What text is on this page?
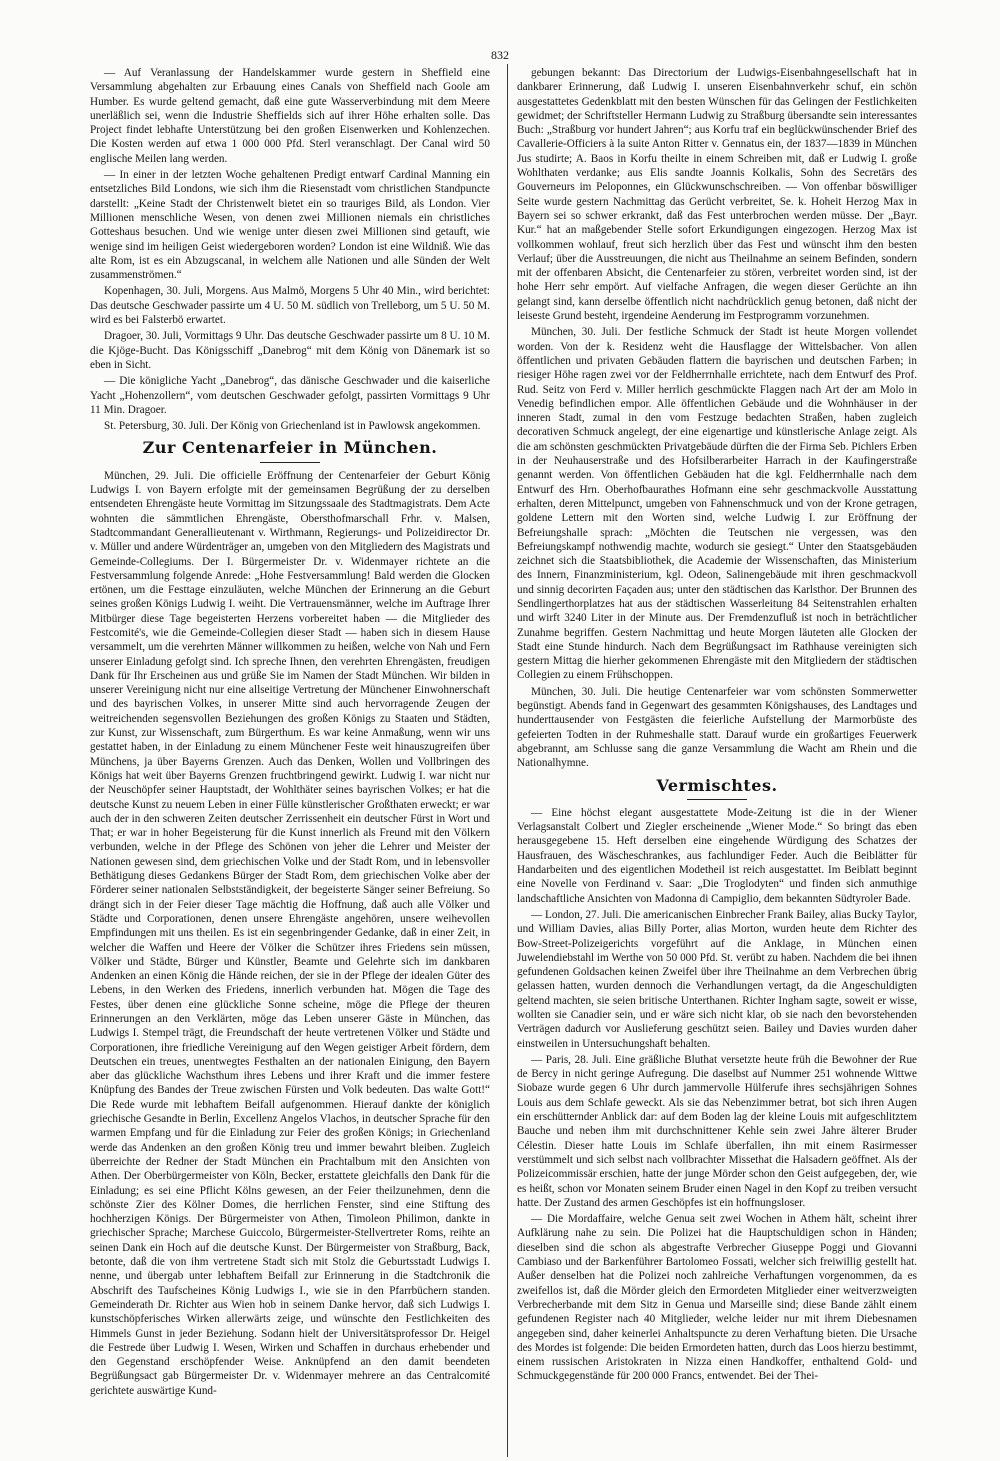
832

— Auf Veranlassung der Handelskammer wurde gestern in Sheffield eine Versammlung abgehalten zur Erbauung eines Canals von Sheffield nach Goole am Humber. Es wurde geltend gemacht, daß eine gute Wasserverbindung mit dem Meere unerläßlich sei, wenn die Industrie Sheffields sich auf ihrer Höhe erhalten solle. Das Project findet lebhafte Unterstützung bei den großen Eisenwerken und Kohlenzechen. Die Kosten werden auf etwa 1 000 000 Pfd. Sterl veranschlagt. Der Canal wird 50 englische Meilen lang werden.

— In einer in der letzten Woche gehaltenen Predigt entwarf Cardinal Manning ein entsetzliches Bild Londons, wie sich ihm die Riesenstadt vom christlichen Standpuncte darstellt: „Keine Stadt der Christenwelt bietet ein so trauriges Bild, als London. Vier Millionen menschliche Wesen, von denen zwei Millionen niemals ein christliches Gotteshaus besuchen. Und wie wenige unter diesen zwei Millionen sind getauft, wie wenige sind im heiligen Geist wiedergeboren worden? London ist eine Wildniß. Wie das alte Rom, ist es ein Abzugscanal, in welchem alle Nationen und alle Sünden der Welt zusammenströmen.“

Kopenhagen, 30. Juli, Morgens. Aus Malmö, Morgens 5 Uhr 40 Min., wird berichtet: Das deutsche Geschwader passirte um 4 U. 50 M. südlich von Trelleborg, um 5 U. 50 M. wird es bei Falsterbö erwartet.

Dragoer, 30. Juli, Vormittags 9 Uhr. Das deutsche Geschwader passirte um 8 U. 10 M. die Kjöge-Bucht. Das Königsschiff „Danebrog“ mit dem König von Dänemark ist so eben in Sicht.

— Die königliche Yacht „Danebrog“, das dänische Geschwader und die kaiserliche Yacht „Hohenzollern“, vom deutschen Geschwader gefolgt, passirten Vormittags 9 Uhr 11 Min. Dragoer.

St. Petersburg, 30. Juli. Der König von Griechenland ist in Pawlowsk angekommen.

Zur Centenarfeier in München.

München, 29. Juli. Die officielle Eröffnung der Centenarfeier der Geburt König Ludwigs I. von Bayern erfolgte mit der gemeinsamen Begrüßung der zu derselben entsendeten Ehrengäste heute Vormittag im Sitzungssaale des Stadtmagistrats. Dem Acte wohnten die sämmtlichen Ehrengäste, Obersthofmarschall Frhr. v. Malsen, Stadtcommandant Generallieutenant v. Wirthmann, Regierungs- und Polizeidirector Dr. v. Müller und andere Würdenträger an, umgeben von den Mitgliedern des Magistrats und Gemeinde-Collegiums. Der I. Bürgermeister Dr. v. Widenmayer richtete an die Festversammlung folgende Anrede: „Hohe Festversammlung! Bald werden die Glocken ertönen, um die Festtage einzuläuten, welche München der Erinnerung an die Geburt seines großen Königs Ludwig I. weiht. Die Vertrauensmänner, welche im Auftrage Ihrer Mitbürger diese Tage begeisterten Herzens vorbereitet haben — die Mitglieder des Festcomité's, wie die Gemeinde-Collegien dieser Stadt — haben sich in diesem Hause versammelt, um die verehrten Männer willkommen zu heißen, welche von Nah und Fern unserer Einladung gefolgt sind. Ich spreche Ihnen, den verehrten Ehrengästen, freudigen Dank für Ihr Erscheinen aus und grüße Sie im Namen der Stadt München. Wir bilden in unserer Vereinigung nicht nur eine allseitige Vertretung der Münchener Einwohnerschaft und des bayrischen Volkes, in unserer Mitte sind auch hervorragende Zeugen der weitreichenden segensvollen Beziehungen des großen Königs zu Staaten und Städten, zur Kunst, zur Wissenschaft, zum Bürgerthum. Es war keine Anmaßung, wenn wir uns gestattet haben, in der Einladung zu einem Münchener Feste weit hinauszugreifen über Münchens, ja über Bayerns Grenzen. Auch das Denken, Wollen und Vollbringen des Königs hat weit über Bayerns Grenzen fruchtbringend gewirkt. Ludwig I. war nicht nur der Neuschöpfer seiner Hauptstadt, der Wohlthäter seines bayrischen Volkes; er hat die deutsche Kunst zu neuem Leben in einer Fülle künstlerischer Großthaten erweckt; er war auch der in den schweren Zeiten deutscher Zerrissenheit ein deutscher Fürst in Wort und That; er war in hoher Begeisterung für die Kunst innerlich als Freund mit den Völkern verbunden, welche in der Pflege des Schönen von jeher die Lehrer und Meister der Nationen gewesen sind, dem griechischen Volke und der Stadt Rom, und in lebensvoller Bethätigung dieses Gedankens Bürger der Stadt Rom, dem griechischen Volke aber der Förderer seiner nationalen Selbstständigkeit, der begeisterte Sänger seiner Befreiung. So drängt sich in der Feier dieser Tage mächtig die Hoffnung, daß auch alle Völker und Städte und Corporationen, denen unsere Ehrengäste angehören, unsere weihevollen Empfindungen mit uns theilen. Es ist ein segenbringender Gedanke, daß in einer Zeit, in welcher die Waffen und Heere der Völker die Schützer ihres Friedens sein müssen, Völker und Städte, Bürger und Künstler, Beamte und Gelehrte sich im dankbaren Andenken an einen König die Hände reichen, der sie in der Pflege der idealen Güter des Lebens, in den Werken des Friedens, innerlich verbunden hat. Mögen die Tage des Festes, über denen eine glückliche Sonne scheine, möge die Pflege der theuren Erinnerungen an den Verklärten, möge das Leben unserer Gäste in München, das Ludwigs I. Stempel trägt, die Freundschaft der heute vertretenen Völker und Städte und Corporationen, ihre friedliche Vereinigung auf den Wegen geistiger Arbeit fördern, dem Deutschen ein treues, unentwegtes Festhalten an der nationalen Einigung, den Bayern aber das glückliche Wachsthum ihres Lebens und ihrer Kraft und die immer festere Knüpfung des Bandes der Treue zwischen Fürsten und Volk bedeuten. Das walte Gott!“ Die Rede wurde mit lebhaftem Beifall aufgenommen. Hierauf dankte der königlich griechische Gesandte in Berlin, Excellenz Angelos Vlachos, in deutscher Sprache für den warmen Empfang und für die Einladung zur Feier des großen Königs; in Griechenland werde das Andenken an den großen König treu und immer bewahrt bleiben. Zugleich überreichte der Redner der Stadt München ein Prachtalbum mit den Ansichten von Athen. Der Oberbürgermeister von Köln, Becker, erstattete gleichfalls den Dank für die Einladung; es sei eine Pflicht Kölns gewesen, an der Feier theilzunehmen, denn die schönste Zier des Kölner Domes, die herrlichen Fenster, sind eine Stiftung des hochherzigen Königs. Der Bürgermeister von Athen, Timoleon Philimon, dankte in griechischer Sprache; Marchese Guiccolo, Bürgermeister-Stellvertreter Roms, reihte an seinen Dank ein Hoch auf die deutsche Kunst. Der Bürgermeister von Straßburg, Back, betonte, daß die von ihm vertretene Stadt sich mit Stolz die Geburtsstadt Ludwigs I. nenne, und übergab unter lebhaftem Beifall zur Erinnerung in die Stadtchronik die Abschrift des Taufscheines König Ludwigs I., wie sie in den Pfarrbüchern standen. Gemeinderath Dr. Richter aus Wien hob in seinem Danke hervor, daß sich Ludwigs I. kunstschöpferisches Wirken allerwärts zeige, und wünschte den Festlichkeiten des Himmels Gunst in jeder Beziehung. Sodann hielt der Universitätsprofessor Dr. Heigel die Festrede über Ludwig I. Wesen, Wirken und Schaffen in durchaus erhebender und den Gegenstand erschöpfender Weise. Anknüpfend an den damit beendeten Begrüßungsact gab Bürgermeister Dr. v. Widenmayer mehrere an das Centralcomité gerichtete auswärtige Kund-

gebungen bekannt: Das Directorium der Ludwigs-Eisenbahngesellschaft hat in dankbarer Erinnerung, daß Ludwig I. unseren Eisenbahnverkehr schuf, ein schön ausgestattetes Gedenkblatt mit den besten Wünschen für das Gelingen der Festlichkeiten gewidmet; der Schriftsteller Hermann Ludwig zu Straßburg übersandte sein interessantes Buch: „Straßburg vor hundert Jahren“; aus Korfu traf ein beglückwünschender Brief des Cavallerie-Officiers à la suite Anton Ritter v. Gennatus ein, der 1837—1839 in München Jus studirte; A. Baos in Korfu theilte in einem Schreiben mit, daß er Ludwig I. große Wohlthaten verdanke; aus Elis sandte Joannis Kolkalis, Sohn des Secretärs des Gouverneurs im Peloponnes, ein Glückwunschschreiben. — Von offenbar böswilliger Seite wurde gestern Nachmittag das Gerücht verbreitet, Se. k. Hoheit Herzog Max in Bayern sei so schwer erkrankt, daß das Fest unterbrochen werden müsse. Der „Bayr. Kur.“ hat an maßgebender Stelle sofort Erkundigungen eingezogen. Herzog Max ist vollkommen wohlauf, freut sich herzlich über das Fest und wünscht ihm den besten Verlauf; über die Ausstreuungen, die nicht aus Theilnahme an seinem Befinden, sondern mit der offenbaren Absicht, die Centenarfeier zu stören, verbreitet worden sind, ist der hohe Herr sehr empört. Auf vielfache Anfragen, die wegen dieser Gerüchte an ihn gelangt sind, kann derselbe öffentlich nicht nachdrücklich genug betonen, daß nicht der leiseste Grund besteht, irgendeine Aenderung im Festprogramm vorzunehmen.

München, 30. Juli. Der festliche Schmuck der Stadt ist heute Morgen vollendet worden. Von der k. Residenz weht die Hausflagge der Wittelsbacher. Von allen öffentlichen und privaten Gebäuden flattern die bayrischen und deutschen Farben; in riesiger Höhe ragen zwei vor der Feldherrnhalle errichtete, nach dem Entwurf des Prof. Rud. Seitz von Ferd v. Miller herrlich geschmückte Flaggen nach Art der am Molo in Venedig befindlichen empor. Alle öffentlichen Gebäude und die Wohnhäuser in der inneren Stadt, zumal in den vom Festzuge bedachten Straßen, haben zugleich decorativen Schmuck angelegt, der eine eigenartige und künstlerische Anlage zeigt. Als die am schönsten geschmückten Privatgebäude dürften die der Firma Seb. Pichlers Erben in der Neuhauserstraße und des Hofsilberarbeiter Harrach in der Kaufingerstraße genannt werden. Von öffentlichen Gebäuden hat die kgl. Feldherrnhalle nach dem Entwurf des Hrn. Oberhofbaurathes Hofmann eine sehr geschmackvolle Ausstattung erhalten, deren Mittelpunct, umgeben von Fahnenschmuck und von der Krone getragen, goldene Lettern mit den Worten sind, welche Ludwig I. zur Eröffnung der Befreiungshalle sprach: „Möchten die Teutschen nie vergessen, was den Befreiungskampf nothwendig machte, wodurch sie gesiegt.“ Unter den Staatsgebäuden zeichnet sich die Staatsbibliothek, die Academie der Wissenschaften, das Ministerium des Innern, Finanzministerium, kgl. Odeon, Salinengebäude mit ihren geschmackvoll und sinnig decorirten Façaden aus; unter den städtischen das Karlsthor. Der Brunnen des Sendlingerthorplatzes hat aus der städtischen Wasserleitung 84 Seitenstrahlen erhalten und wirft 3240 Liter in der Minute aus. Der Fremdenzufluß ist noch in beträchtlicher Zunahme begriffen. Gestern Nachmittag und heute Morgen läuteten alle Glocken der Stadt eine Stunde hindurch. Nach dem Begrüßungsact im Rathhause vereinigten sich gestern Mittag die hierher gekommenen Ehrengäste mit den Mitgliedern der städtischen Collegien zu einem Frühschoppen.

München, 30. Juli. Die heutige Centenarfeier war vom schönsten Sommerwetter begünstigt. Abends fand in Gegenwart des gesammten Königshauses, des Landtages und hunderttausender von Festgästen die feierliche Aufstellung der Marmorbüste des gefeierten Todten in der Ruhmeshalle statt. Darauf wurde ein großartiges Feuerwerk abgebrannt, am Schlusse sang die ganze Versammlung die Wacht am Rhein und die Nationalhymne.

Vermischtes.

— Eine höchst elegant ausgestattete Mode-Zeitung ist die in der Wiener Verlagsanstalt Colbert und Ziegler erscheinende „Wiener Mode.“ So bringt das eben herausgegebene 15. Heft derselben eine eingehende Würdigung des Schatzes der Hausfrauen, des Wäscheschrankes, aus fachlundiger Feder. Auch die Beiblätter für Handarbeiten und des eigentlichen Modetheil ist reich ausgestattet. Im Beiblatt beginnt eine Novelle von Ferdinand v. Saar: „Die Troglodyten“ und finden sich anmuthige landschaftliche Ansichten von Madonna di Campiglio, dem bekannten Südtyroler Bade.

— London, 27. Juli. Die americanischen Einbrecher Frank Bailey, alias Bucky Taylor, und William Davies, alias Billy Porter, alias Morton, wurden heute dem Richter des Bow-Street-Polizeigerichts vorgeführt auf die Anklage, in München einen Juwelendiebstahl im Werthe von 50 000 Pfd. St. verübt zu haben. Nachdem die bei ihnen gefundenen Goldsachen keinen Zweifel über ihre Theilnahme an dem Verbrechen übrig gelassen hatten, wurden dennoch die Verhandlungen vertagt, da die Angeschuldigten geltend machten, sie seien britische Unterthanen. Richter Ingham sagte, soweit er wisse, wollten sie Canadier sein, und er wäre sich nicht klar, ob sie nach den bevorstehenden Verträgen dadurch vor Auslieferung geschützt seien. Bailey und Davies wurden daher einstweilen in Untersuchungshaft behalten.

— Paris, 28. Juli. Eine gräßliche Bluthat versetzte heute früh die Bewohner der Rue de Bercy in nicht geringe Aufregung. Die daselbst auf Nummer 251 wohnende Wittwe Siobaze wurde gegen 6 Uhr durch jammervolle Hülferufe ihres sechsjährigen Sohnes Louis aus dem Schlafe geweckt. Als sie das Nebenzimmer betrat, bot sich ihren Augen ein erschütternder Anblick dar: auf dem Boden lag der kleine Louis mit aufgeschlitztem Bauche und neben ihm mit durchschnittener Kehle sein zwei Jahre älterer Bruder Célestin. Dieser hatte Louis im Schlafe überfallen, ihn mit einem Rasirmesser verstümmelt und sich selbst nach vollbrachter Missethat die Halsadern geöffnet. Als der Polizeicommissär erschien, hatte der junge Mörder schon den Geist aufgegeben, der, wie es heißt, schon vor Monaten seinem Bruder einen Nagel in den Kopf zu treiben versucht hatte. Der Zustand des armen Geschöpfes ist ein hoffnungsloser.

— Die Mordaffaire, welche Genua seit zwei Wochen in Athem hält, scheint ihrer Aufklärung nahe zu sein. Die Polizei hat die Hauptschuldigen schon in Händen; dieselben sind die schon als abgestrafte Verbrecher Giuseppe Poggi und Giovanni Cambiaso und der Barkenführer Bartolomeo Fossati, welcher sich freiwillig gestellt hat. Außer denselben hat die Polizei noch zahlreiche Verhaftungen vorgenommen, da es zweifellos ist, daß die Mörder gleich den Ermordeten Mitglieder einer weitverzweigten Verbrecherbande mit dem Sitz in Genua und Marseille sind; diese Bande zählt einem gefundenen Register nach 40 Mitglieder, welche leider nur mit ihrem Diebesnamen angegeben sind, daher keinerlei Anhaltspuncte zu deren Verhaftung bieten. Die Ursache des Mordes ist folgende: Die beiden Ermordeten hatten, durch das Loos hierzu bestimmt, einem russischen Aristokraten in Nizza einen Handkoffer, enthaltend Gold- und Schmuckgegenstände für 200 000 Francs, entwendet. Bei der Thei-
